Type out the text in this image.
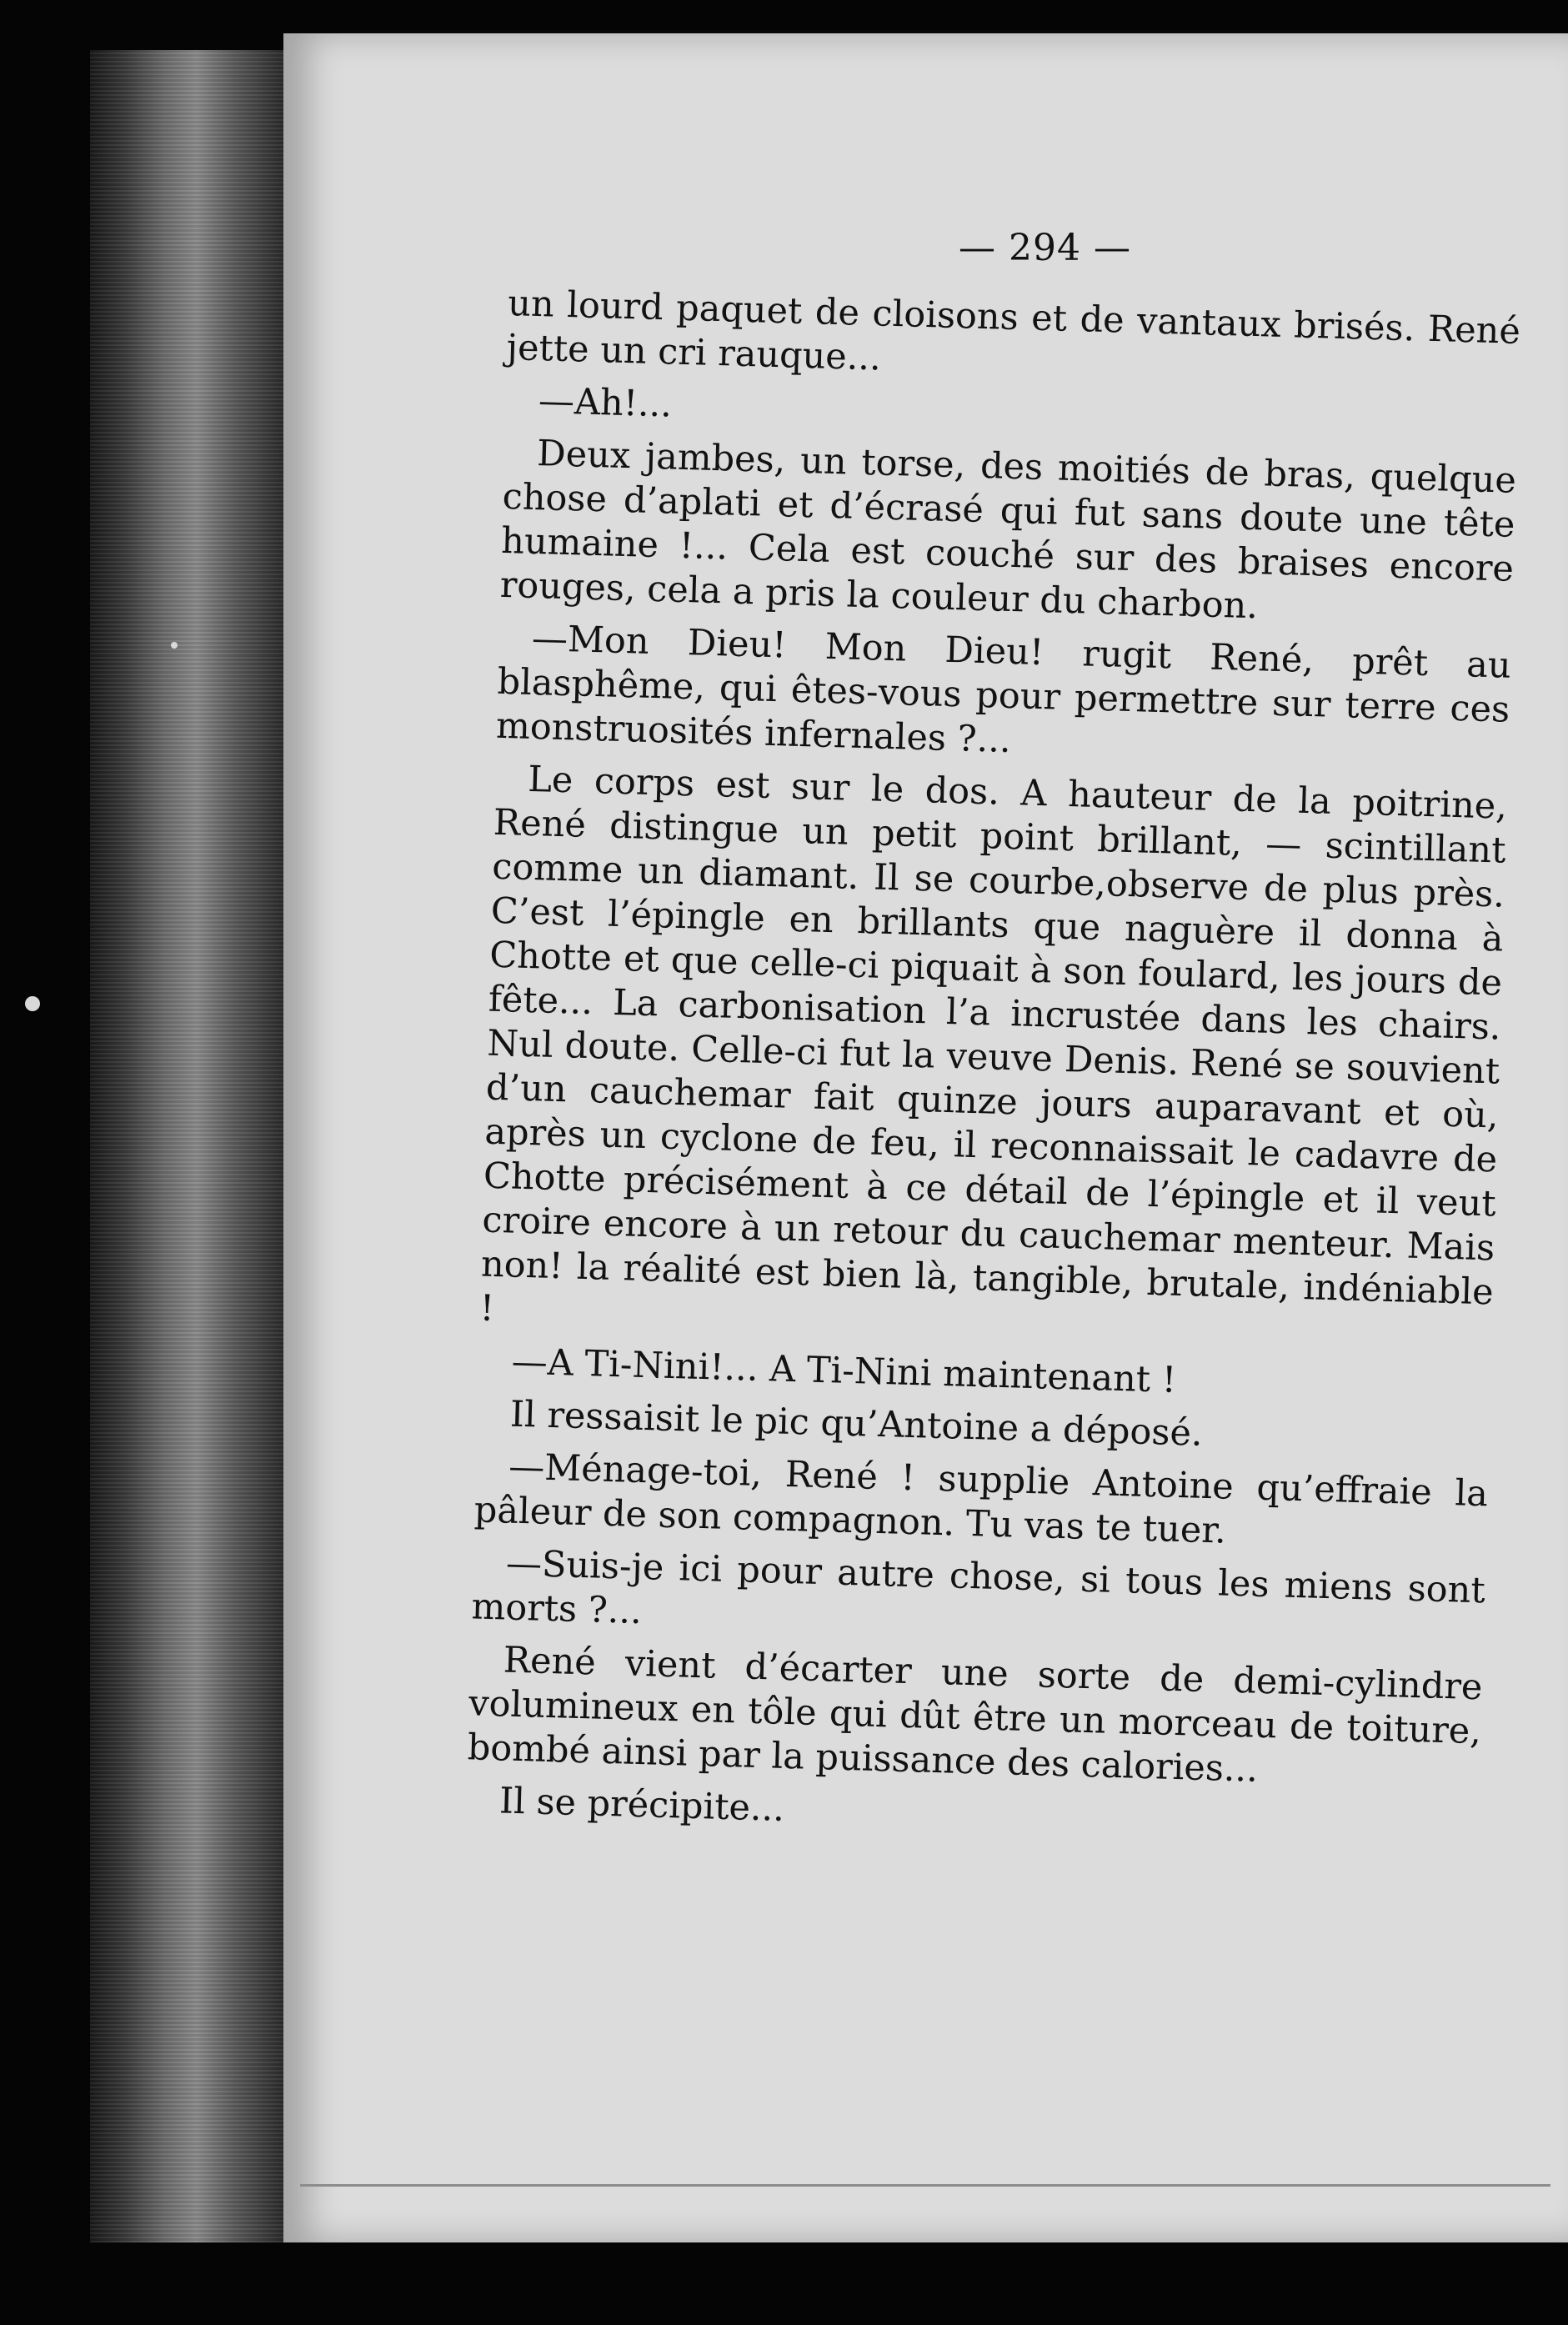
— 294 —

un lourd paquet de cloisons et de vantaux brisés. René jette un cri rauque...

—Ah!...

Deux jambes, un torse, des moitiés de bras, quelque chose d’aplati et d’écrasé qui fut sans doute une tête humaine !... Cela est couché sur des braises encore rouges, cela a pris la couleur du charbon.

—Mon Dieu! Mon Dieu! rugit René, prêt au blasphême, qui êtes-vous pour permettre sur terre ces monstruosités infernales ?...

Le corps est sur le dos. A hauteur de la poitrine, René distingue un petit point brillant, — scintillant comme un diamant. Il se courbe,observe de plus près. C’est l’épingle en brillants que naguère il donna à Chotte et que celle-ci piquait à son foulard, les jours de fête... La carbonisation l’a incrustée dans les chairs. Nul doute. Celle-ci fut la veuve Denis. René se souvient d’un cauchemar fait quinze jours auparavant et où, après un cyclone de feu, il reconnaissait le cadavre de Chotte précisément à ce détail de l’épingle et il veut croire encore à un retour du cauchemar menteur. Mais non! la réalité est bien là, tangible, brutale, indéniable !

—A Ti-Nini!... A Ti-Nini maintenant !

Il ressaisit le pic qu’Antoine a déposé.

—Ménage-toi, René ! supplie Antoine qu’effraie la pâleur de son compagnon. Tu vas te tuer.

—Suis-je ici pour autre chose, si tous les miens sont morts ?...

René vient d’écarter une sorte de demi-cylindre volumineux en tôle qui dût être un morceau de toiture, bombé ainsi par la puissance des calories...

Il se précipite...
